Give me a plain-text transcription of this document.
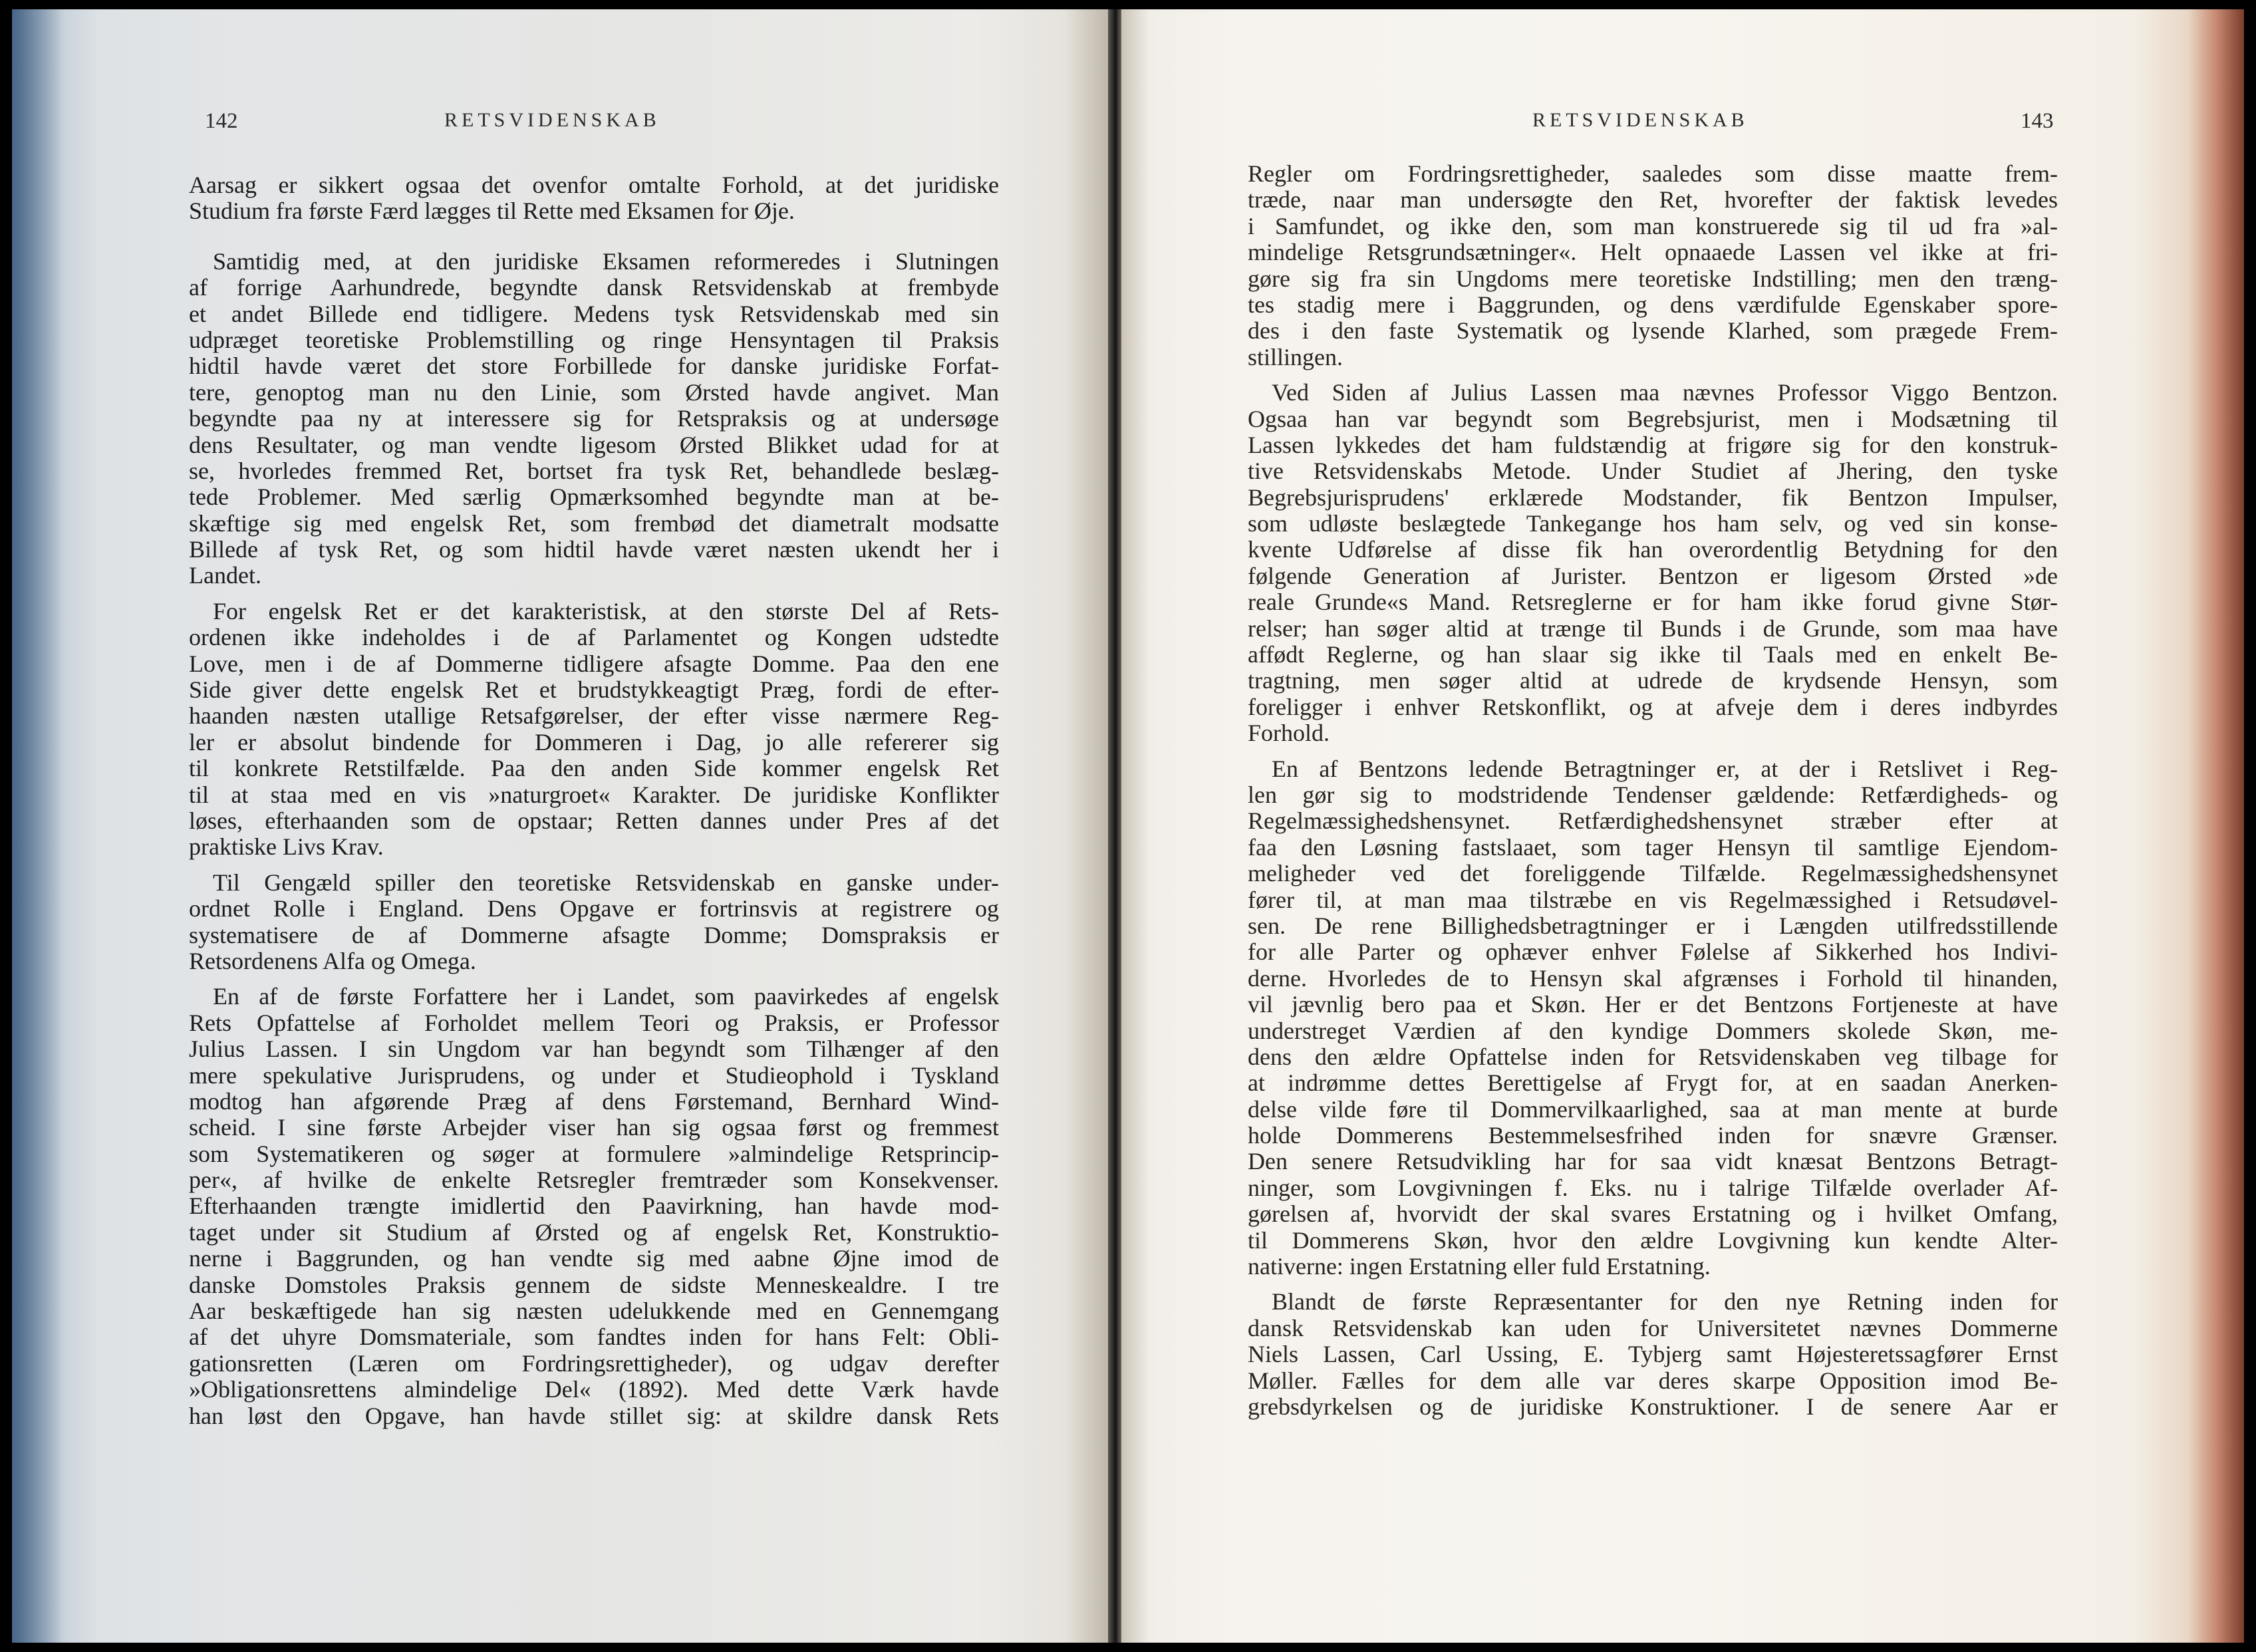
142	RETSVIDENSKAB
Aarsag er sikkert ogsaa det ovenfor omtalte Forhold, at det juridiske
Studium fra første Færd lægges til Rette med Eksamen for Øje.
Samtidig med, at den juridiske Eksamen reformeredes i Slutningen
af forrige Aarhundrede, begyndte dansk Retsvidenskab at frembyde
et andet Billede end tidligere. Medens tysk Retsvidenskab med sin
udpræget teoretiske Problemstilling og ringe Hensyntagen til Praksis
hidtil havde været det store Forbillede for danske juridiske Forfat-
tere, genoptog man nu den Linie, som Ørsted havde angivet. Man
begyndte paa ny at interessere sig for Retspraksis og at undersøge
dens Resultater, og man vendte ligesom Ørsted Blikket udad for at
se, hvorledes fremmed Ret, bortset fra tysk Ret, behandlede beslæg-
tede Problemer. Med særlig Opmærksomhed begyndte man at be-
skæftige sig med engelsk Ret, som frembød det diametralt modsatte
Billede af tysk Ret, og som hidtil havde været næsten ukendt her i
Landet.
For engelsk Ret er det karakteristisk, at den største Del af Rets-
ordenen ikke indeholdes i de af Parlamentet og Kongen udstedte
Love, men i de af Dommerne tidligere afsagte Domme. Paa den ene
Side giver dette engelsk Ret et brudstykkeagtigt Præg, fordi de efter-
haanden næsten utallige Retsafgørelser, der efter visse nærmere Reg-
ler er absolut bindende for Dommeren i Dag, jo alle refererer sig
til konkrete Retstilfælde. Paa den anden Side kommer engelsk Ret
til at staa med en vis »naturgroet« Karakter. De juridiske Konflikter
løses, efterhaanden som de opstaar; Retten dannes under Pres af det
praktiske Livs Krav.
Til Gengæld spiller den teoretiske Retsvidenskab en ganske under-
ordnet Rolle i England. Dens Opgave er fortrinsvis at registrere og
systematisere de af Dommerne afsagte Domme; Domspraksis er
Retsordenens Alfa og Omega.
En af de første Forfattere her i Landet, som paavirkedes af engelsk
Rets Opfattelse af Forholdet mellem Teori og Praksis, er Professor
Julius Lassen. I sin Ungdom var han begyndt som Tilhænger af den
mere spekulative Jurisprudens, og under et Studieophold i Tyskland
modtog han afgørende Præg af dens Førstemand, Bernhard Wind-
scheid. I sine første Arbejder viser han sig ogsaa først og fremmest
som Systematikeren og søger at formulere »almindelige Retsprincip-
per«, af hvilke de enkelte Retsregler fremtræder som Konsekvenser.
Efterhaanden trængte imidlertid den Paavirkning, han havde mod-
taget under sit Studium af Ørsted og af engelsk Ret, Konstruktio-
nerne i Baggrunden, og han vendte sig med aabne Øjne imod de
danske Domstoles Praksis gennem de sidste Menneskealdre. I tre
Aar beskæftigede han sig næsten udelukkende med en Gennemgang
af det uhyre Domsmateriale, som fandtes inden for hans Felt: Obli-
gationsretten (Læren om Fordringsrettigheder), og udgav derefter
»Obligationsrettens almindelige Del« (1892). Med dette Værk havde
han løst den Opgave, han havde stillet sig: at skildre dansk Rets
RETSVIDENSKAB	143
Regler om Fordringsrettigheder, saaledes som disse maatte frem-
træde, naar man undersøgte den Ret, hvorefter der faktisk levedes
i Samfundet, og ikke den, som man konstruerede sig til ud fra »al-
mindelige Retsgrundsætninger«. Helt opnaaede Lassen vel ikke at fri-
gøre sig fra sin Ungdoms mere teoretiske Indstilling; men den træng-
tes stadig mere i Baggrunden, og dens værdifulde Egenskaber spore-
des i den faste Systematik og lysende Klarhed, som prægede Frem-
stillingen.
Ved Siden af Julius Lassen maa nævnes Professor Viggo Bentzon.
Ogsaa han var begyndt som Begrebsjurist, men i Modsætning til
Lassen lykkedes det ham fuldstændig at frigøre sig for den konstruk-
tive Retsvidenskabs Metode. Under Studiet af Jhering, den tyske
Begrebsjurisprudens' erklærede Modstander, fik Bentzon Impulser,
som udløste beslægtede Tankegange hos ham selv, og ved sin konse-
kvente Udførelse af disse fik han overordentlig Betydning for den
følgende Generation af Jurister. Bentzon er ligesom Ørsted »de
reale Grunde«s Mand. Retsreglerne er for ham ikke forud givne Stør-
relser; han søger altid at trænge til Bunds i de Grunde, som maa have
affødt Reglerne, og han slaar sig ikke til Taals med en enkelt Be-
tragtning, men søger altid at udrede de krydsende Hensyn, som
foreligger i enhver Retskonflikt, og at afveje dem i deres indbyrdes
Forhold.
En af Bentzons ledende Betragtninger er, at der i Retslivet i Reg-
len gør sig to modstridende Tendenser gældende: Retfærdigheds- og
Regelmæssighedshensynet. Retfærdighedshensynet stræber efter at
faa den Løsning fastslaaet, som tager Hensyn til samtlige Ejendom-
meligheder ved det foreliggende Tilfælde. Regelmæssighedshensynet
fører til, at man maa tilstræbe en vis Regelmæssighed i Retsudøvel-
sen. De rene Billighedsbetragtninger er i Længden utilfredsstillende
for alle Parter og ophæver enhver Følelse af Sikkerhed hos Indivi-
derne. Hvorledes de to Hensyn skal afgrænses i Forhold til hinanden,
vil jævnlig bero paa et Skøn. Her er det Bentzons Fortjeneste at have
understreget Værdien af den kyndige Dommers skolede Skøn, me-
dens den ældre Opfattelse inden for Retsvidenskaben veg tilbage for
at indrømme dettes Berettigelse af Frygt for, at en saadan Anerken-
delse vilde føre til Dommervilkaarlighed, saa at man mente at burde
holde Dommerens Bestemmelsesfrihed inden for snævre Grænser.
Den senere Retsudvikling har for saa vidt knæsat Bentzons Betragt-
ninger, som Lovgivningen f. Eks. nu i talrige Tilfælde overlader Af-
gørelsen af, hvorvidt der skal svares Erstatning og i hvilket Omfang,
til Dommerens Skøn, hvor den ældre Lovgivning kun kendte Alter-
nativerne: ingen Erstatning eller fuld Erstatning.
Blandt de første Repræsentanter for den nye Retning inden for
dansk Retsvidenskab kan uden for Universitetet nævnes Dommerne
Niels Lassen, Carl Ussing, E. Tybjerg samt Højesteretssagfører Ernst
Møller. Fælles for dem alle var deres skarpe Opposition imod Be-
grebsdyrkelsen og de juridiske Konstruktioner. I de senere Aar er
